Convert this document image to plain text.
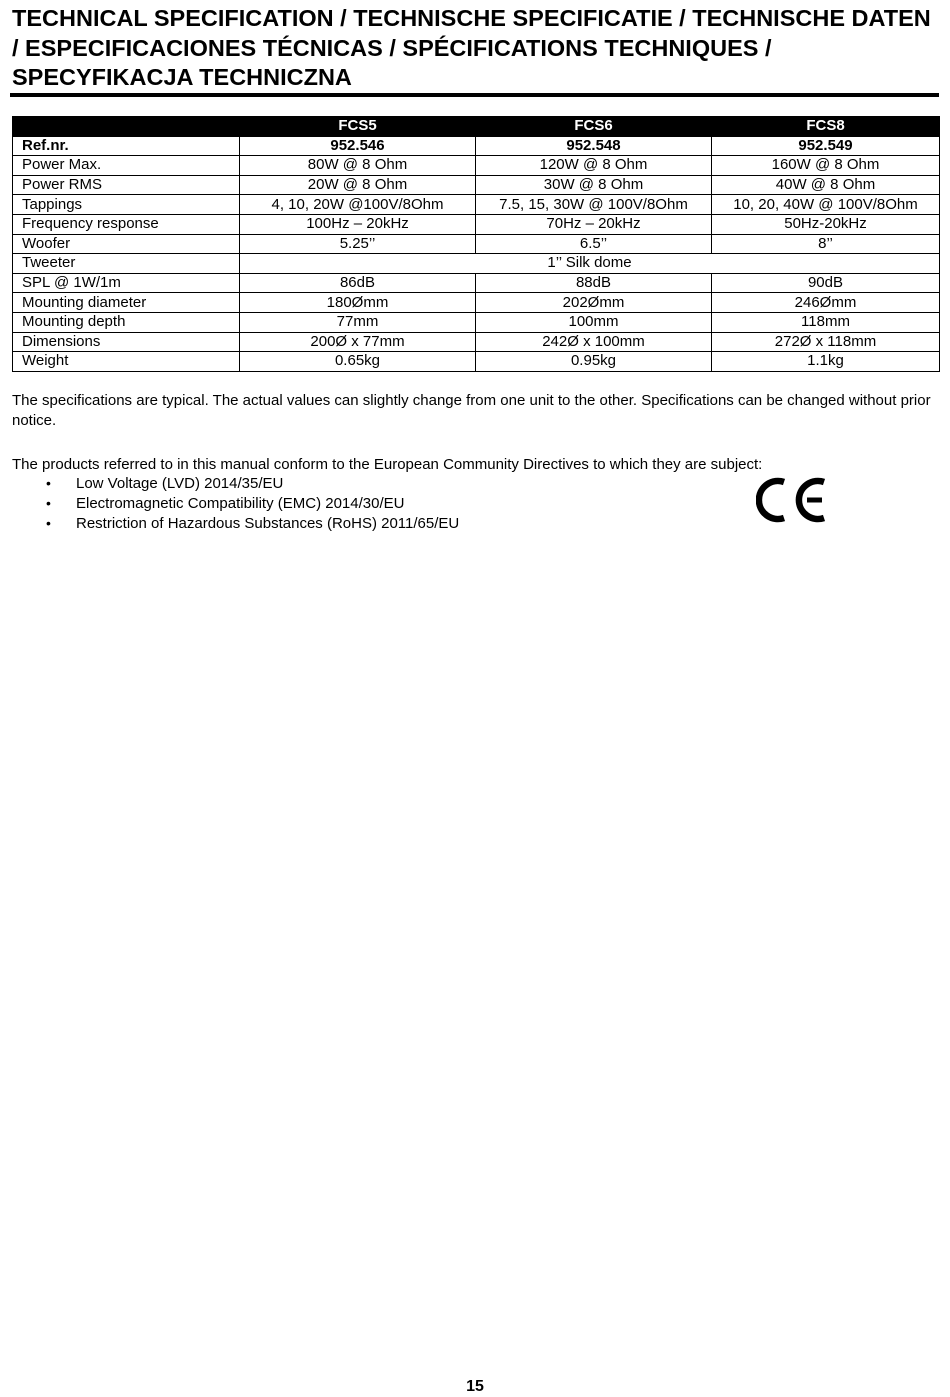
TECHNICAL SPECIFICATION / TECHNISCHE SPECIFICATIE / TECHNISCHE DATEN / ESPECIFICACIONES TÉCNICAS / SPÉCIFICATIONS TECHNIQUES / SPECYFIKACJA TECHNICZNA
	FCS5	FCS6	FCS8
Ref.nr.	952.546	952.548	952.549
Power Max.	80W @ 8 Ohm	120W @ 8 Ohm	160W @ 8 Ohm
Power RMS	20W @ 8 Ohm	30W @ 8 Ohm	40W @ 8 Ohm
Tappings	4, 10, 20W @100V/8Ohm	7.5, 15, 30W @ 100V/8Ohm	10, 20, 40W @ 100V/8Ohm
Frequency response	100Hz – 20kHz	70Hz – 20kHz	50Hz-20kHz
Woofer	5.25’’	6.5’’	8’’
Tweeter	1’’ Silk dome		
SPL @ 1W/1m	86dB	88dB	90dB
Mounting diameter	180Ømm	202Ømm	246Ømm
Mounting depth	77mm	100mm	118mm
Dimensions	200Ø x 77mm	242Ø x 100mm	272Ø x 118mm
Weight	0.65kg	0.95kg	1.1kg
The specifications are typical. The actual values can slightly change from one unit to the other. Specifications can be changed without prior notice.
The products referred to in this manual conform to the European Community Directives to which they are subject:
• Low Voltage (LVD) 2014/35/EU
• Electromagnetic Compatibility (EMC) 2014/30/EU
• Restriction of Hazardous Substances (RoHS) 2011/65/EU
15
